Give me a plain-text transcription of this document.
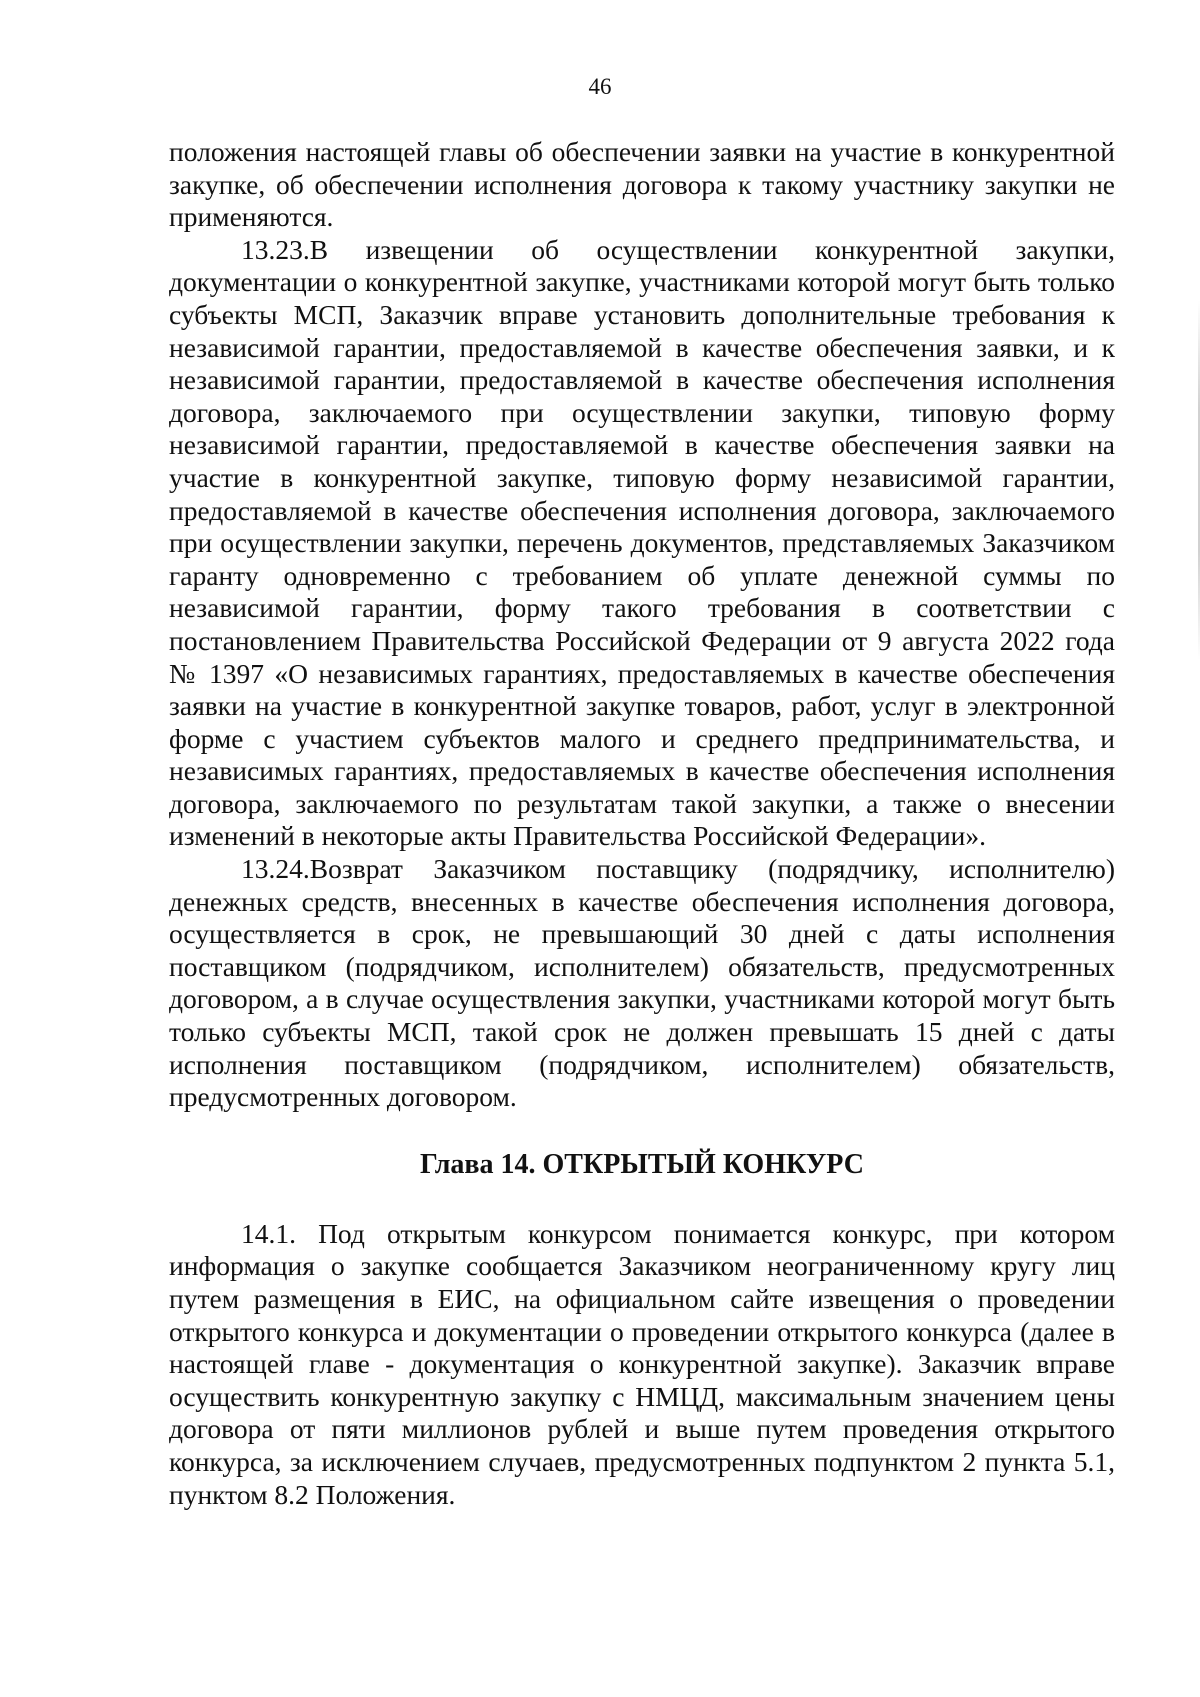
46

положения настоящей главы об обеспечении заявки на участие в конкурентной закупке, об обеспечении исполнения договора к такому участнику закупки не применяются.

13.23.В извещении об осуществлении конкурентной закупки, документации о конкурентной закупке, участниками которой могут быть только субъекты МСП, Заказчик вправе установить дополнительные требования к независимой гарантии, предоставляемой в качестве обеспечения заявки, и к независимой гарантии, предоставляемой в качестве обеспечения исполнения договора, заключаемого при осуществлении закупки, типовую форму независимой гарантии, предоставляемой в качестве обеспечения заявки на участие в конкурентной закупке, типовую форму независимой гарантии, предоставляемой в качестве обеспечения исполнения договора, заключаемого при осуществлении закупки, перечень документов, представляемых Заказчиком гаранту одновременно с требованием об уплате денежной суммы по независимой гарантии, форму такого требования в соответствии с постановлением Правительства Российской Федерации от 9 августа 2022 года № 1397 «О независимых гарантиях, предоставляемых в качестве обеспечения заявки на участие в конкурентной закупке товаров, работ, услуг в электронной форме с участием субъектов малого и среднего предпринимательства, и независимых гарантиях, предоставляемых в качестве обеспечения исполнения договора, заключаемого по результатам такой закупки, а также о внесении изменений в некоторые акты Правительства Российской Федерации».

13.24.Возврат Заказчиком поставщику (подрядчику, исполнителю) денежных средств, внесенных в качестве обеспечения исполнения договора, осуществляется в срок, не превышающий 30 дней с даты исполнения поставщиком (подрядчиком, исполнителем) обязательств, предусмотренных договором, а в случае осуществления закупки, участниками которой могут быть только субъекты МСП, такой срок не должен превышать 15 дней с даты исполнения поставщиком (подрядчиком, исполнителем) обязательств, предусмотренных договором.

Глава 14. ОТКРЫТЫЙ КОНКУРС

14.1. Под открытым конкурсом понимается конкурс, при котором информация о закупке сообщается Заказчиком неограниченному кругу лиц путем размещения в ЕИС, на официальном сайте извещения о проведении открытого конкурса и документации о проведении открытого конкурса (далее в настоящей главе - документация о конкурентной закупке). Заказчик вправе осуществить конкурентную закупку с НМЦД, максимальным значением цены договора от пяти миллионов рублей и выше путем проведения открытого конкурса, за исключением случаев, предусмотренных подпунктом 2 пункта 5.1, пунктом 8.2 Положения.
